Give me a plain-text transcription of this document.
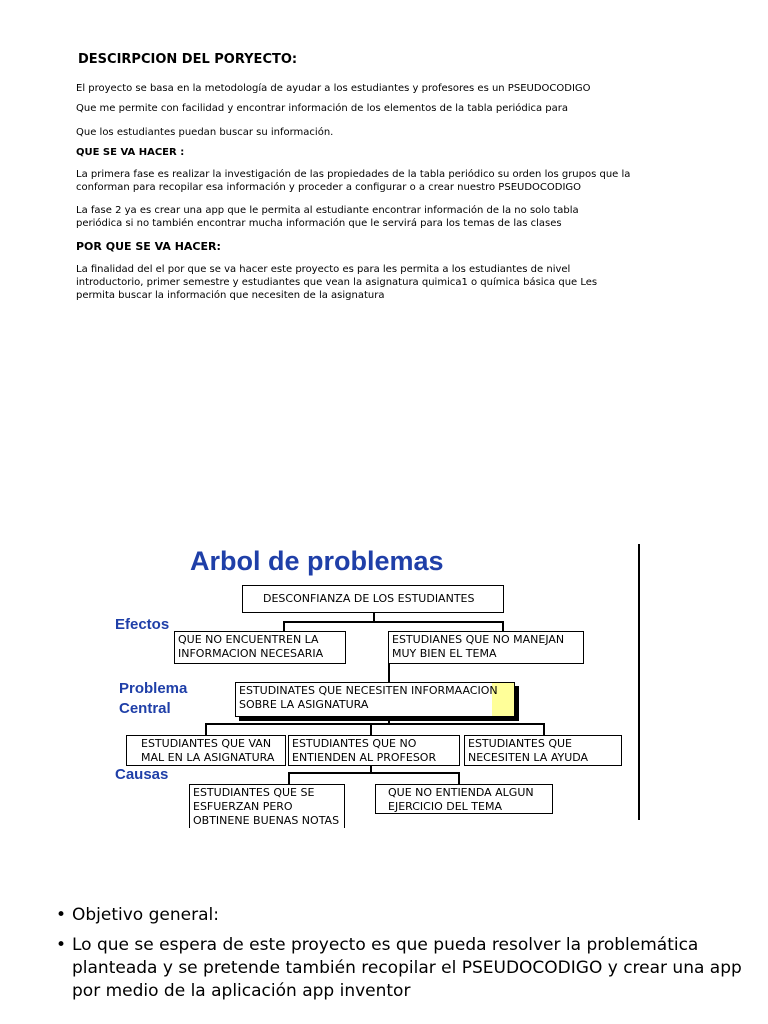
DESCIRPCION DEL PORYECTO:
El proyecto se basa en la metodología de ayudar a los estudiantes y profesores es un PSEUDOCODIGO
Que me permite con facilidad y encontrar información de los elementos de la tabla periódica para
Que los estudiantes puedan buscar su información.
QUE SE VA HACER :
La primera fase es realizar la investigación de las propiedades de la tabla periódico su orden los grupos que la conforman para recopilar esa información y proceder a configurar o a crear nuestro PSEUDOCODIGO
La fase 2 ya es crear una app que le permita al estudiante encontrar información de la no solo tabla periódica si no también encontrar mucha información que le servirá para los temas de las clases
POR QUE SE VA HACER:
La finalidad del el por que se va hacer este proyecto es para les permita a los estudiantes de nivel introductorio, primer semestre y estudiantes que vean la asignatura quimica1 o química básica que Les permita buscar la información que necesiten de la asignatura
Arbol de problemas
Efectos
Problema
Central
Causas
DESCONFIANZA DE LOS ESTUDIANTES
QUE NO ENCUENTREN LA INFORMACION NECESARIA
ESTUDIANES QUE NO MANEJAN MUY BIEN EL TEMA
ESTUDINATES QUE NECESITEN INFORMAACION SOBRE LA ASIGNATURA
ESTUDIANTES QUE VAN MAL EN LA ASIGNATURA
ESTUDIANTES QUE NO ENTIENDEN AL PROFESOR
ESTUDIANTES QUE NECESITEN LA AYUDA
ESTUDIANTES QUE SE ESFUERZAN PERO OBTINENE BUENAS NOTAS
QUE NO ENTIENDA ALGUN EJERCICIO DEL TEMA
• Objetivo general:
• Lo que se espera de este proyecto es que pueda resolver la problemática planteada y se pretende también recopilar el PSEUDOCODIGO y crear una app por medio de la aplicación app inventor
